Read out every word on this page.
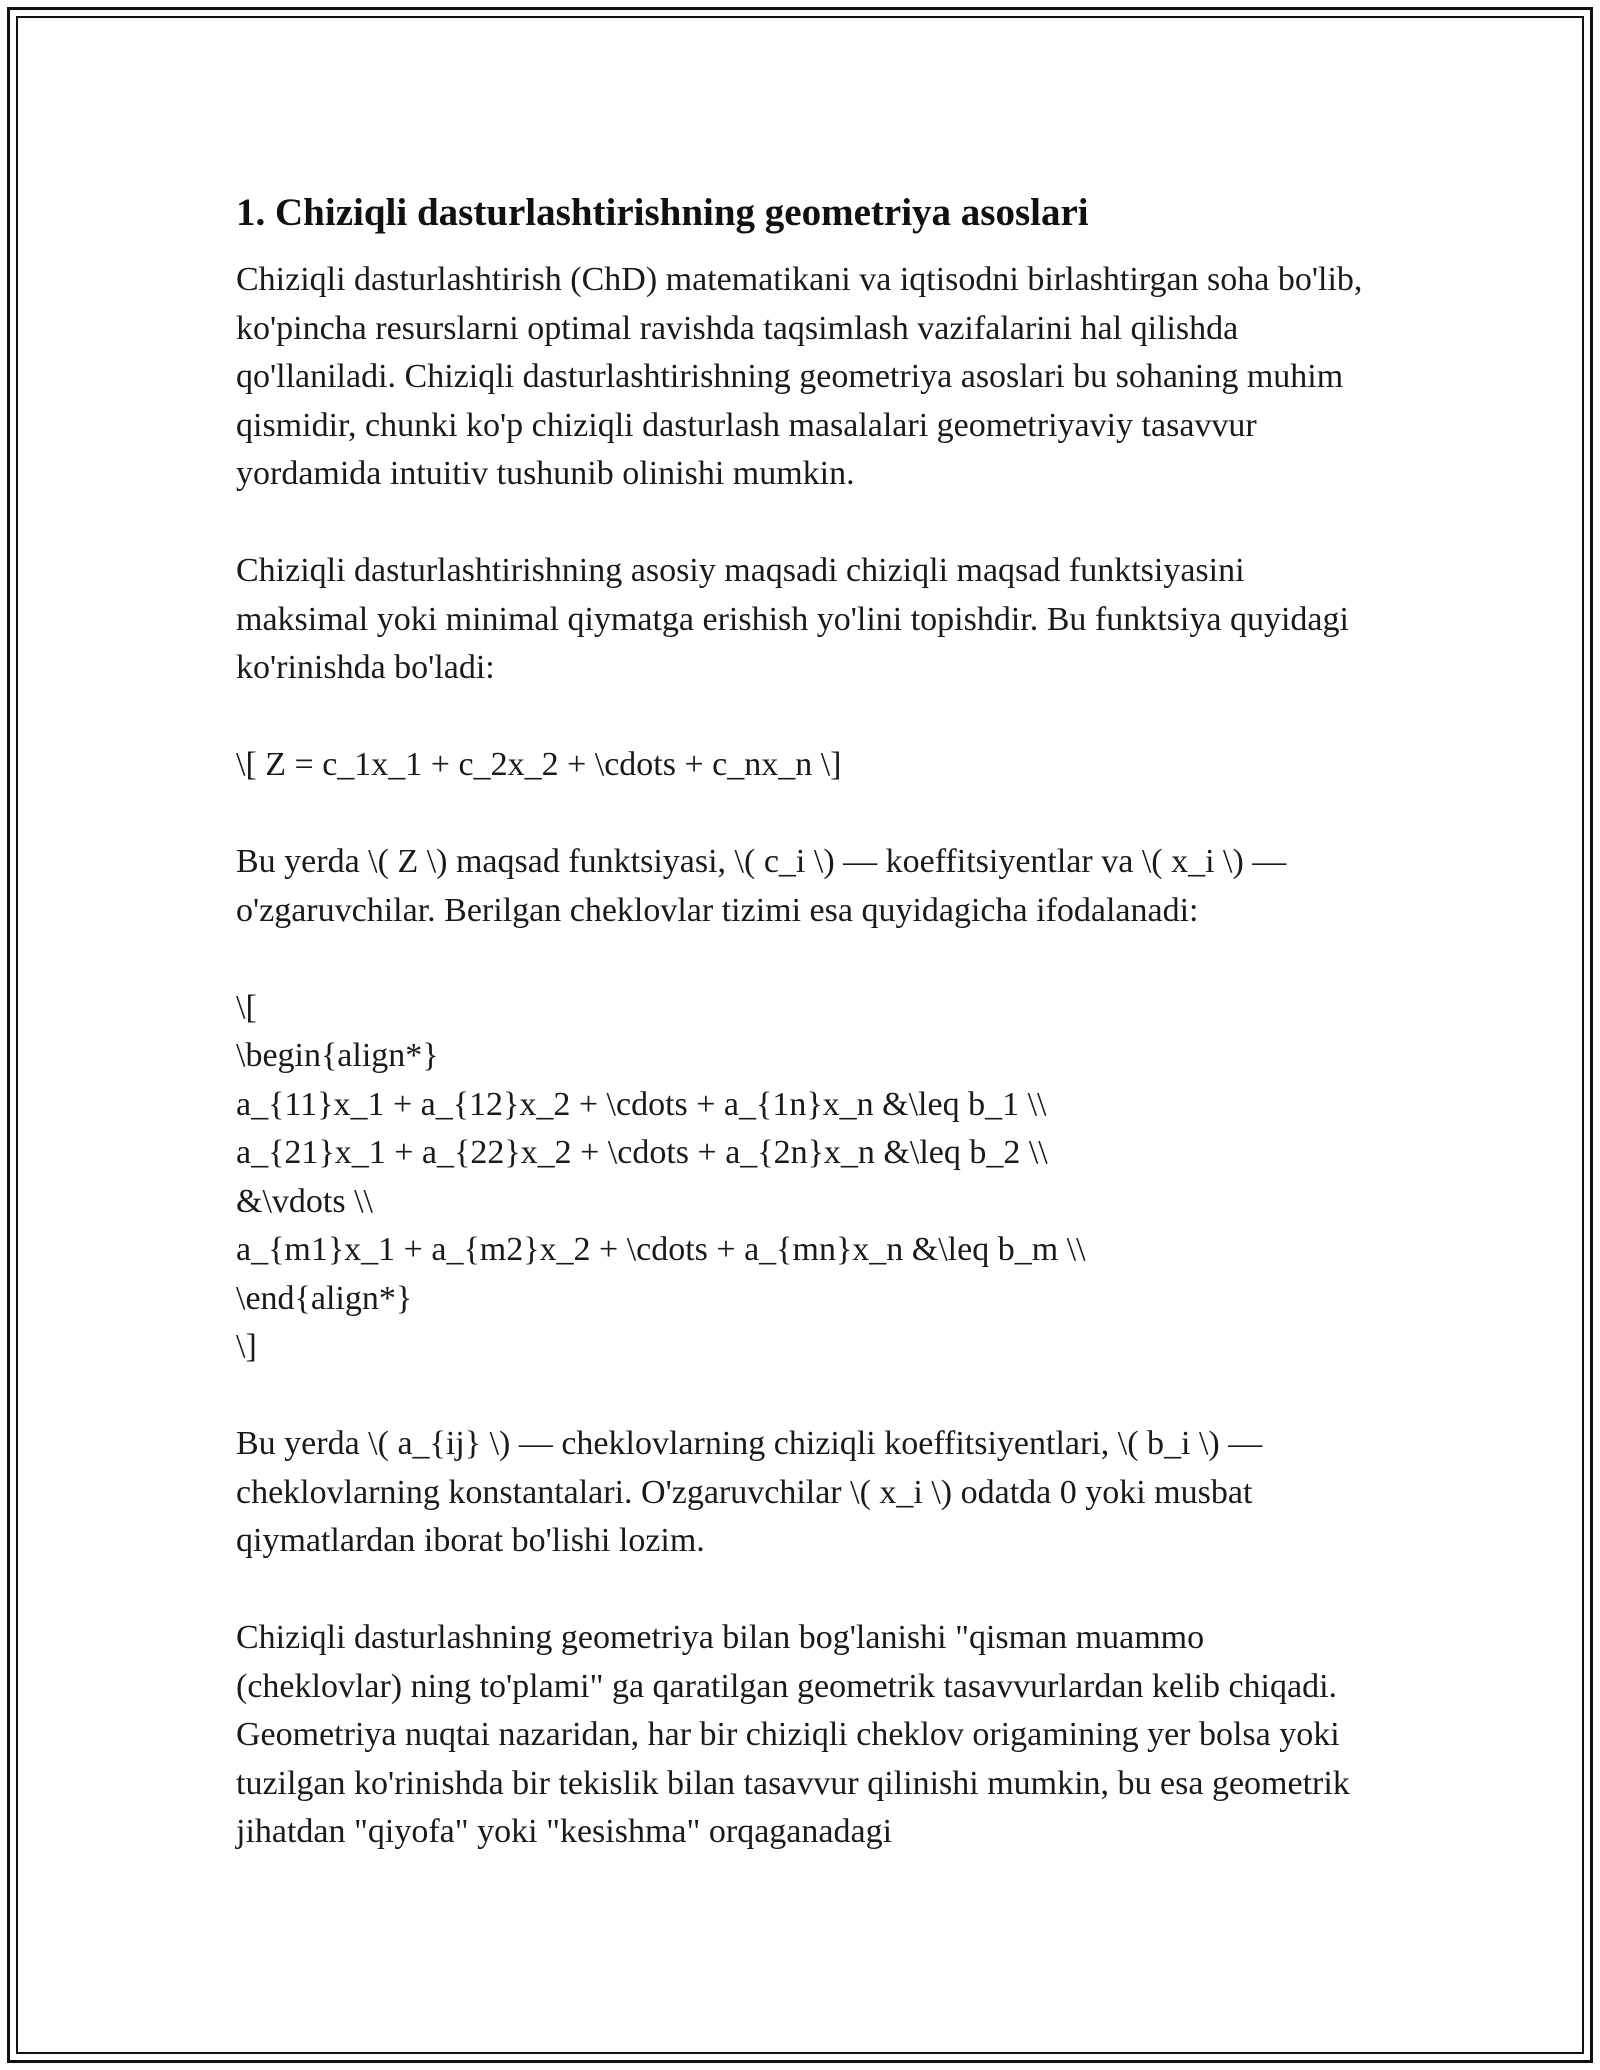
1. Chiziqli dasturlashtirishning geometriya asoslari

Chiziqli dasturlashtirish (ChD) matematikani va iqtisodni birlashtirgan soha bo'lib, ko'pincha resurslarni optimal ravishda taqsimlash vazifalarini hal qilishda qo'llaniladi. Chiziqli dasturlashtirishning geometriya asoslari bu sohaning muhim qismidir, chunki ko'p chiziqli dasturlash masalalari geometriyaviy tasavvur yordamida intuitiv tushunib olinishi mumkin.

Chiziqli dasturlashtirishning asosiy maqsadi chiziqli maqsad funktsiyasini maksimal yoki minimal qiymatga erishish yo'lini topishdir. Bu funktsiya quyidagi ko'rinishda bo'ladi:

\[ Z = c_1x_1 + c_2x_2 + \cdots + c_nx_n \]

Bu yerda \( Z \) maqsad funktsiyasi, \( c_i \) — koeffitsiyentlar va \( x_i \) — o'zgaruvchilar. Berilgan cheklovlar tizimi esa quyidagicha ifodalanadi:

\[
\begin{align*}
a_{11}x_1 + a_{12}x_2 + \cdots + a_{1n}x_n &\leq b_1 \\
a_{21}x_1 + a_{22}x_2 + \cdots + a_{2n}x_n &\leq b_2 \\
&\vdots \\
a_{m1}x_1 + a_{m2}x_2 + \cdots + a_{mn}x_n &\leq b_m \\
\end{align*}
\]

Bu yerda \( a_{ij} \) — cheklovlarning chiziqli koeffitsiyentlari, \( b_i \) — cheklovlarning konstantalari. O'zgaruvchilar \( x_i \) odatda 0 yoki musbat qiymatlardan iborat bo'lishi lozim.

Chiziqli dasturlashning geometriya bilan bog'lanishi "qisman muammo (cheklovlar) ning to'plami" ga qaratilgan geometrik tasavvurlardan kelib chiqadi. Geometriya nuqtai nazaridan, har bir chiziqli cheklov origamining yer bolsa yoki tuzilgan ko'rinishda bir tekislik bilan tasavvur qilinishi mumkin, bu esa geometrik jihatdan "qiyofa" yoki "kesishma" orqaganadagi
